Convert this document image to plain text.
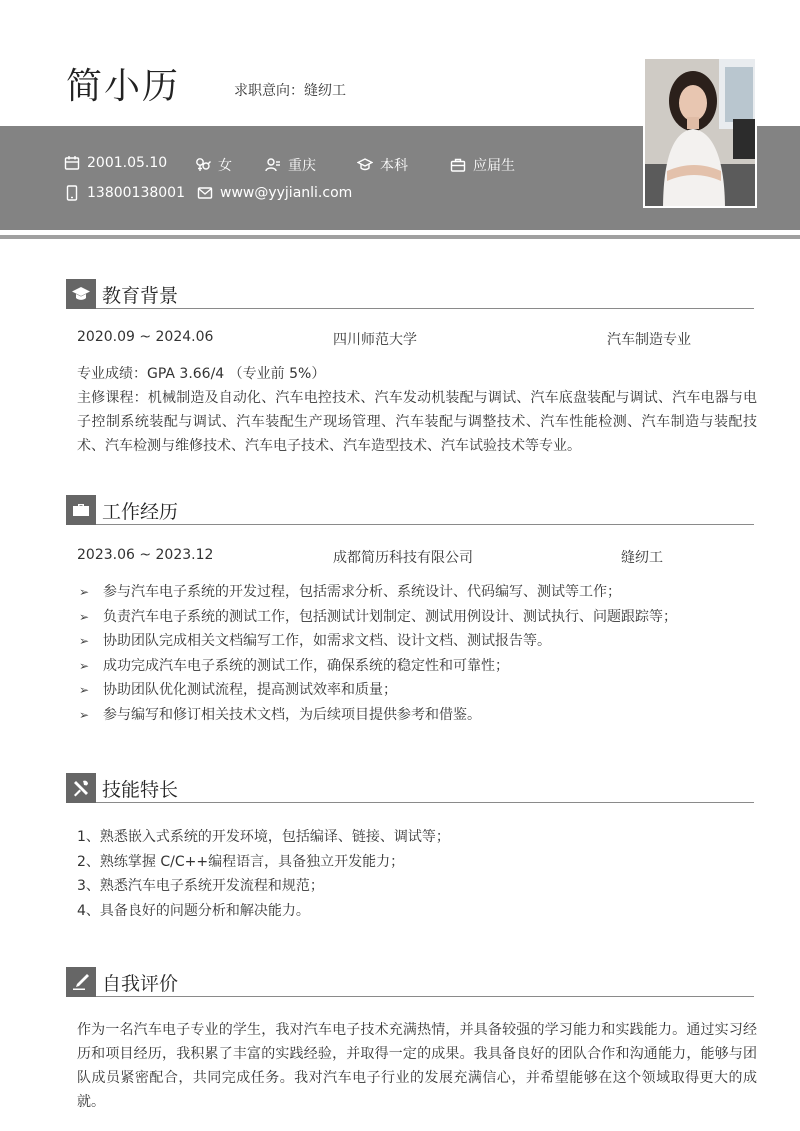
简小历	求职意向：缝纫工
2001.05.10	女	重庆	本科	应届生
13800138001	www@yyjianli.com
教育背景
2020.09 ~ 2024.06	四川师范大学	汽车制造专业
专业成绩：GPA 3.66/4 （专业前 5%）
主修课程：机械制造及自动化、汽车电控技术、汽车发动机装配与调试、汽车底盘装配与调试、汽车电器与电子控制系统装配与调试、汽车装配生产现场管理、汽车装配与调整技术、汽车性能检测、汽车制造与装配技术、汽车检测与维修技术、汽车电子技术、汽车造型技术、汽车试验技术等专业。
工作经历
2023.06 ~ 2023.12	成都简历科技有限公司	缝纫工
➢ 参与汽车电子系统的开发过程，包括需求分析、系统设计、代码编写、测试等工作；
➢ 负责汽车电子系统的测试工作，包括测试计划制定、测试用例设计、测试执行、问题跟踪等；
➢ 协助团队完成相关文档编写工作，如需求文档、设计文档、测试报告等。
➢ 成功完成汽车电子系统的测试工作，确保系统的稳定性和可靠性；
➢ 协助团队优化测试流程，提高测试效率和质量；
➢ 参与编写和修订相关技术文档，为后续项目提供参考和借鉴。
技能特长
1、熟悉嵌入式系统的开发环境，包括编译、链接、调试等；
2、熟练掌握 C/C++编程语言，具备独立开发能力；
3、熟悉汽车电子系统开发流程和规范；
4、具备良好的问题分析和解决能力。
自我评价
作为一名汽车电子专业的学生，我对汽车电子技术充满热情，并具备较强的学习能力和实践能力。通过实习经历和项目经历，我积累了丰富的实践经验，并取得一定的成果。我具备良好的团队合作和沟通能力，能够与团队成员紧密配合，共同完成任务。我对汽车电子行业的发展充满信心，并希望能够在这个领域取得更大的成就。
